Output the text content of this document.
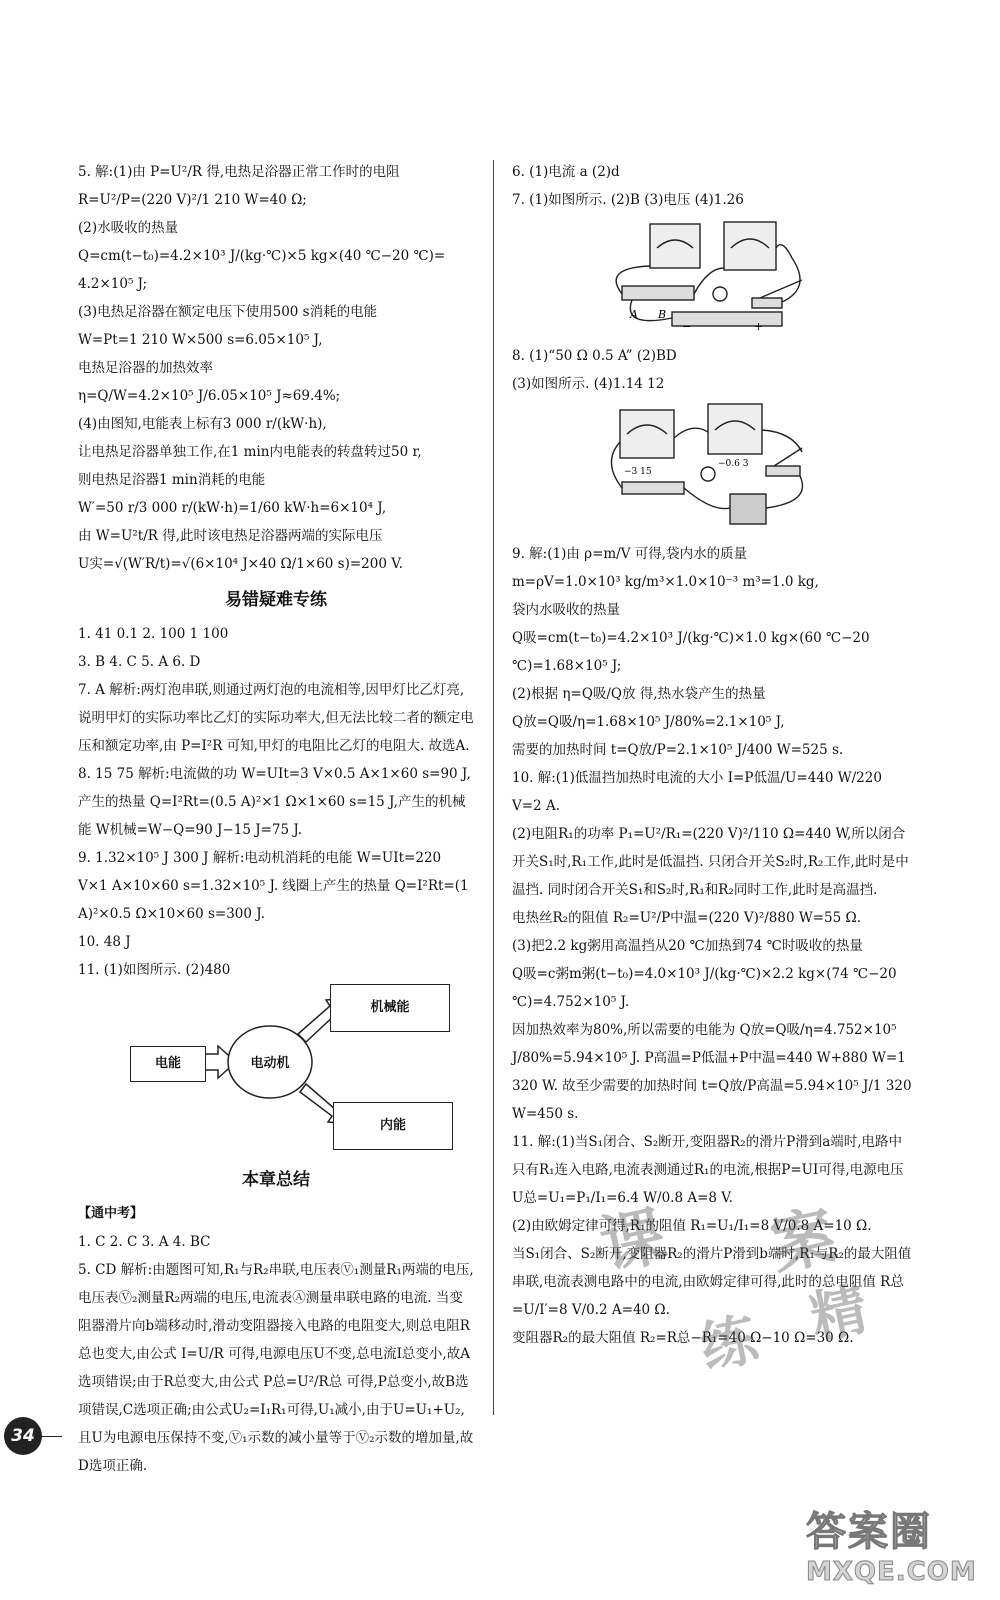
5. 解:(1)由 P=U²/R 得,电热足浴器正常工作时的电阻
R=U²/P=(220 V)²/1 210 W=40 Ω;
(2)水吸收的热量
Q=cm(t−t₀)=4.2×10³ J/(kg·℃)×5 kg×(40 ℃−20 ℃)=
4.2×10⁵ J;
(3)电热足浴器在额定电压下使用500 s消耗的电能
W=Pt=1 210 W×500 s=6.05×10⁵ J,
电热足浴器的加热效率
η=Q/W=4.2×10⁵ J/6.05×10⁵ J≈69.4%;
(4)由图知,电能表上标有3 000 r/(kW·h),
让电热足浴器单独工作,在1 min内电能表的转盘转过50 r,
则电热足浴器1 min消耗的电能
W′=50 r/3 000 r/(kW·h)=1/60 kW·h=6×10⁴ J,
由 W=U²t/R 得,此时该电热足浴器两端的实际电压
U实=√(W′R/t)=√(6×10⁴ J×40 Ω/1×60 s)=200 V.
易错疑难专练
1. 41 0.1 2. 100 1 100
3. B 4. C 5. A 6. D
7. A 解析:两灯泡串联,则通过两灯泡的电流相等,因甲灯比乙灯亮,说明甲灯的实际功率比乙灯的实际功率大,但无法比较二者的额定电压和额定功率,由 P=I²R 可知,甲灯的电阻比乙灯的电阻大. 故选A.
8. 15 75 解析:电流做的功 W=UIt=3 V×0.5 A×1×60 s=90 J,产生的热量 Q=I²Rt=(0.5 A)²×1 Ω×1×60 s=15 J,产生的机械能 W机械=W−Q=90 J−15 J=75 J.
9. 1.32×10⁵ J 300 J 解析:电动机消耗的电能 W=UIt=220 V×1 A×10×60 s=1.32×10⁵ J. 线圈上产生的热量 Q=I²Rt=(1 A)²×0.5 Ω×10×60 s=300 J.
10. 48 J
11. (1)如图所示. (2)480
电能	电动机
机械能
内能
本章总结
【通中考】
1. C 2. C 3. A 4. BC
5. CD 解析:由题图可知,R₁与R₂串联,电压表Ⓥ₁测量R₁两端的电压,电压表Ⓥ₂测量R₂两端的电压,电流表Ⓐ测量串联电路的电流. 当变阻器滑片向b端移动时,滑动变阻器接入电路的电阻变大,则总电阻R总也变大,由公式 I=U/R 可得,电源电压U不变,总电流I总变小,故A选项错误;由于R总变大,由公式 P总=U²/R总 可得,P总变小,故B选项错误,C选项正确;由公式U₂=I₁R₁可得,U₁减小,由于U=U₁+U₂,且U为电源电压保持不变,Ⓥ₁示数的减小量等于Ⓥ₂示数的增加量,故D选项正确.
6. (1)电流 a (2)d
7. (1)如图所示. (2)B (3)电压 (4)1.26
A B
−	+
8. (1)“50 Ω 0.5 A” (2)BD
(3)如图所示. (4)1.14 12
−3 15
−0.6 3
9. 解:(1)由 ρ=m/V 可得,袋内水的质量
m=ρV=1.0×10³ kg/m³×1.0×10⁻³ m³=1.0 kg,
袋内水吸收的热量
Q吸=cm(t−t₀)=4.2×10³ J/(kg·℃)×1.0 kg×(60 ℃−20 ℃)=1.68×10⁵ J;
(2)根据 η=Q吸/Q放 得,热水袋产生的热量
Q放=Q吸/η=1.68×10⁵ J/80%=2.1×10⁵ J,
需要的加热时间 t=Q放/P=2.1×10⁵ J/400 W=525 s.
10. 解:(1)低温挡加热时电流的大小 I=P低温/U=440 W/220 V=2 A.
(2)电阻R₁的功率 P₁=U²/R₁=(220 V)²/110 Ω=440 W,所以闭合开关S₁时,R₁工作,此时是低温挡. 只闭合开关S₂时,R₂工作,此时是中温挡. 同时闭合开关S₁和S₂时,R₁和R₂同时工作,此时是高温挡.
电热丝R₂的阻值 R₂=U²/P中温=(220 V)²/880 W=55 Ω.
(3)把2.2 kg粥用高温挡从20 ℃加热到74 ℃时吸收的热量
Q吸=c粥m粥(t−t₀)=4.0×10³ J/(kg·℃)×2.2 kg×(74 ℃−20 ℃)=4.752×10⁵ J.
因加热效率为80%,所以需要的电能为 Q放=Q吸/η=4.752×10⁵ J/80%=5.94×10⁵ J. P高温=P低温+P中温=440 W+880 W=1 320 W. 故至少需要的加热时间 t=Q放/P高温=5.94×10⁵ J/1 320 W=450 s.
11. 解:(1)当S₁闭合、S₂断开,变阻器R₂的滑片P滑到a端时,电路中只有R₁连入电路,电流表测通过R₁的电流,根据P=UI可得,电源电压 U总=U₁=P₁/I₁=6.4 W/0.8 A=8 V.
(2)由欧姆定律可得,R₁的阻值 R₁=U₁/I₁=8 V/0.8 A=10 Ω.
当S₁闭合、S₂断开,变阻器R₂的滑片P滑到b端时,R₁与R₂的最大阻值串联,电流表测电路中的电流,由欧姆定律可得,此时的总电阻值 R总=U/I′=8 V/0.2 A=40 Ω.
变阻器R₂的最大阻值 R₂=R总−R₁=40 Ω−10 Ω=30 Ω.
课
练
案
精
34
答案圈
MXQE.COM
